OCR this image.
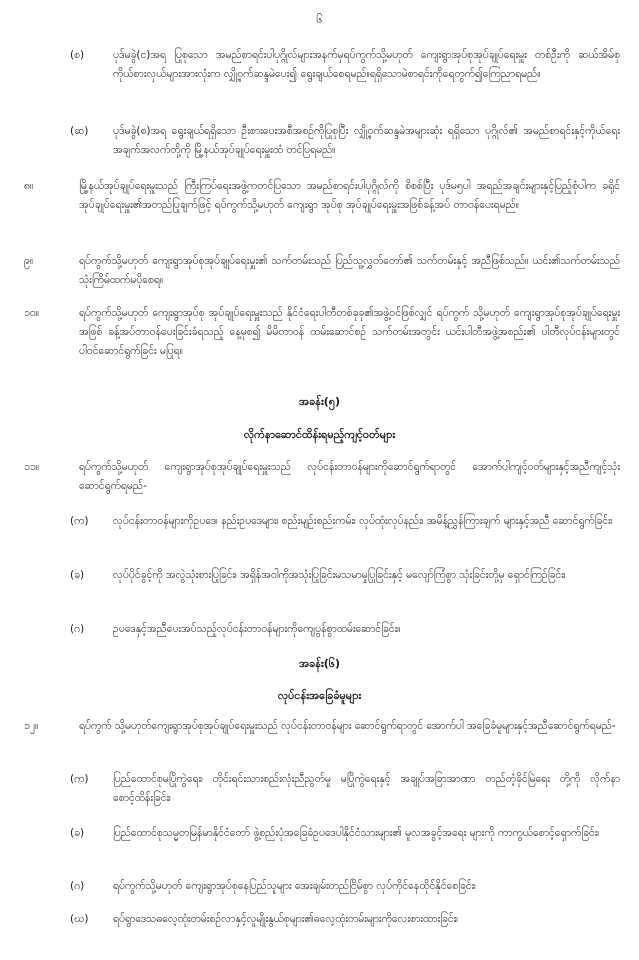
၆
(စ)	ပုဒ်မခွဲ(င)အရ ပြုစုသော အမည်စာရင်းပါပုဂ္ဂိုလ်များအနက်မှရပ်ကွက်သို့မဟုတ် ကျေးရွာအုပ်စုအုပ်ချုပ်ရေးမှူး တစ်ဦးကို ဆယ်အိမ်စုကိုယ်စားလှယ်များအားလုံးက လျှို့ဝှက်ဆန္ဒမဲပေး၍ ရွေးချယ်စေရမည်။ရရှိသောမဲစာရင်းကိုရေတွက်၍ကြေညာရမည်။
(ဆ)	ပုဒ်မခွဲ(စ)အရ ရွေးချယ်ရရှိသော ဦးစားပေးအစီအစဉ်ကိုပြုစုပြီး လျှို့ဝှက်ဆန္ဒမဲအများဆုံး ရရှိသော ပုဂ္ဂိုလ်၏ အမည်စာရင်းနှင့်ကိုယ်ရေးအချက်အလက်တို့ကို မြို့နယ်အုပ်ချုပ်ရေးမှူးထံ တင်ပြရမည်။
၈။	မြို့နယ်အုပ်ချုပ်ရေးမှူးသည် ကြီးကြပ်ရေးအဖွဲ့ကတင်ပြသော အမည်စာရင်းပါပုဂ္ဂိုလ်ကို စိစစ်ပြီး ပုဒ်မ၅ပါ အရည်အချင်းများနှင့်ပြည့်စုံပါက ခရိုင်အုပ်ချုပ်ရေးမှူး၏အတည်ပြုချက်ဖြင့် ရပ်ကွက်သို့မဟုတ် ကျေးရွာ အုပ်စု အုပ်ချုပ်ရေးမှူးအဖြစ်ခန့်အပ် တာဝန်ပေးရမည်။
၉။	ရပ်ကွက်သို့မဟုတ် ကျေးရွာအုပ်စုအုပ်ချုပ်ရေးမှူး၏ သက်တမ်းသည် ပြည်သူ့လွှတ်တော်၏ သက်တမ်းနှင့် အညီဖြစ်သည်။ ယင်း၏သက်တမ်းသည်သုံးကြိမ်ထက်မပိုစေရ။
၁၀။	ရပ်ကွက်သို့မဟုတ် ကျေးရွာအုပ်စု အုပ်ချုပ်ရေးမှူးသည် နိုင်ငံရေးပါတီတစ်ခုခု၏အဖွဲ့ဝင်ဖြစ်လျှင် ရပ်ကွက် သို့မဟုတ် ကျေးရွာအုပ်စုအုပ်ချုပ်ရေးမှူးအဖြစ် ခန့်အပ်တာဝန်ပေးခြင်းခံရသည့် နေ့မှစ၍ မိမိတာဝန် ထမ်းဆောင်စဉ် သက်တမ်းအတွင်း ယင်းပါတီအဖွဲ့အစည်း၏ ပါတီလုပ်ငန်းများတွင် ပါဝင်ဆောင်ရွက်ခြင်း မပြုရ။
အခန်း(၅)
လိုက်နာဆောင်ထိန်းရမည့်ကျင့်ဝတ်များ
၁၁။	ရပ်ကွက်သို့မဟုတ် ကျေးရွာအုပ်စုအုပ်ချုပ်ရေးမှူးသည် လုပ်ငန်းတာဝန်များကိုဆောင်ရွက်ရာတွင် အောက်ပါကျင့်ဝတ်များနှင့်အညီကျင့်သုံးဆောင်ရွက်ရမည်-
(က)	လုပ်ငန်းတာဝန်များကိုဥပဒေ၊ နည်းဥပဒေများ၊ စည်းမျဉ်းစည်းကမ်း၊ လုပ်ထုံးလုပ်နည်း၊ အမိန့်ညွှန်ကြားချက် များနှင့်အညီ ဆောင်ရွက်ခြင်း၊
(ခ)	လုပ်ပိုင်ခွင့်ကို အလွဲသုံးစားပြုခြင်း၊ အရှိန်အဝါကိုအသုံးပြုခြင်းမသမာမှုပြုခြင်းနှင့် မလျော်ကြံစွာ သုံးခြင်းတို့မှ ရှောင်ကြဉ်ခြင်း၊
(ဂ)	ဥပဒေနှင့်အညီပေးအပ်သည့်လုပ်ငန်းတာဝန်များကိုကျေပွန်စွာထမ်းဆောင်ခြင်း။
အခန်း(၆)
လုပ်ငန်းအခြေခံမူများ
၁၂။	ရပ်ကွက် သို့မဟုတ်ကျေးရွာအုပ်စုအုပ်ချုပ်ရေးမှူးသည် လုပ်ငန်းတာဝန်များ ဆောင်ရွက်ရာတွင် အောက်ပါ အခြေခံမူများနှင့်အညီဆောင်ရွက်ရမည်-
(က)	ပြည်ထောင်စုမပြိုကွဲရေး၊ တိုင်းရင်းသားစည်းလုံးညီညွတ်မှု မပြိုကွဲရေးနှင့် အချုပ်အခြာအာဏာ တည်တံ့ခိုင်မြဲရေး တို့ကို လိုက်နာစောင့်ထိန်းခြင်း၊
(ခ)	ပြည်ထောင်စုသမ္မတမြန်မာနိုင်ငံတော် ဖွဲ့စည်းပုံအခြေခံဥပဒေပါနိုင်ငံသားများ၏ မူလအခွင့်အရေး များကို ကာကွယ်စောင့်ရှောက်ခြင်း၊
(ဂ)	ရပ်ကွက်သို့မဟုတ် ကျေးရွာအုပ်စုနေပြည်သူများ အေးချမ်းတည်ငြိမ်စွာ လုပ်ကိုင်နေထိုင်နိုင်စေခြင်း၊
(ဃ)	ရပ်ရွာဒေသဓလေ့ထုံးတမ်းစဉ်လာနှင့်လူမျိုးနွယ်စုများ၏ဓလေ့ထုံးတမ်းများကိုလေးစားထားခြင်း၊
